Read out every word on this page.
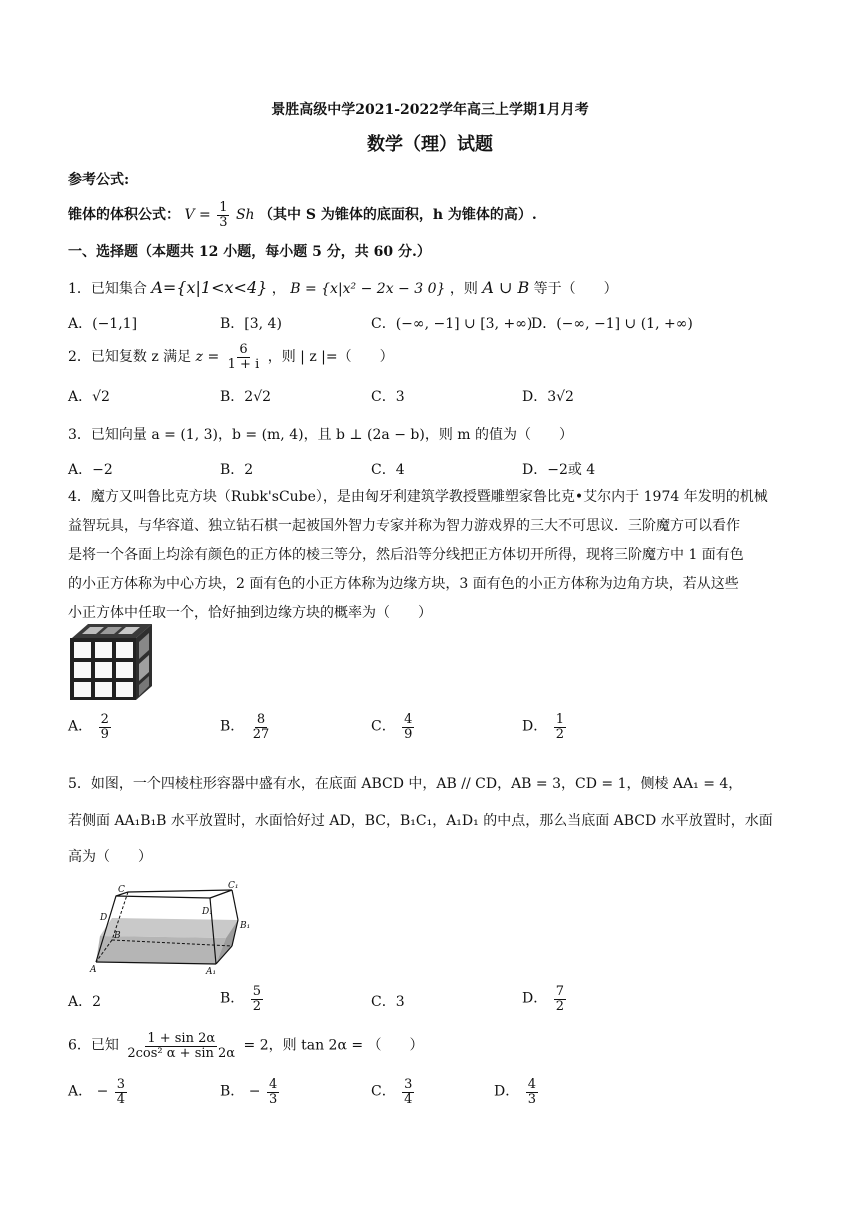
景胜高级中学2021-2022学年高三上学期1月月考
数学（理）试题
参考公式:
锥体的体积公式： $V = \frac{1}{3}$ Sh （其中 S 为锥体的底面积，h 为锥体的高）.
一、选择题（本题共 12 小题，每小题 5 分，共 60 分.）
1．已知集合 A={x|1<x<4} ， B = {x|x² − 2x − 3 0} ，则 A ∪ B 等于（　　）
A．(−1,1]	B．[3, 4)	C．(−∞, −1] ∪ [3, +∞)
D．(−∞, −1] ∪ (1, +∞)
2．已知复数 z 满足 $z = \frac{6}{1 + i}$ ，则 | z |=（　　）
A．√2	B．2√2	C．3	D．3√2
3．已知向量 a = (1, 3)，b = (m, 4)，且 b ⊥ (2a − b)，则 m 的值为（　　）
A．−2	B．2	C．4	D．−2或 4
4．魔方又叫鲁比克方块（Rubk'sCube），是由匈牙利建筑学教授暨雕塑家鲁比克•艾尔内于 1974 年发明的机械
益智玩具，与华容道、独立钻石棋一起被国外智力专家并称为智力游戏界的三大不可思议．三阶魔方可以看作
是将一个各面上均涂有颜色的正方体的棱三等分，然后沿等分线把正方体切开所得，现将三阶魔方中 1 面有色
的小正方体称为中心方块，2 面有色的小正方体称为边缘方块，3 面有色的小正方体称为边角方块，若从这些
小正方体中任取一个，恰好抽到边缘方块的概率为（　　）
A． $\frac{2}{9}$	B． $\frac{8}{27}$	C． $\frac{4}{9}$	D． $\frac{1}{2}$
5．如图，一个四棱柱形容器中盛有水，在底面 ABCD 中，AB // CD，AB = 3，CD = 1，侧棱 AA₁ = 4，
若侧面 AA₁B₁B 水平放置时，水面恰好过 AD，BC，B₁C₁，A₁D₁ 的中点，那么当底面 ABCD 水平放置时，水面
高为（　　）
C₁
C
D
D₁
B₁
B
A	A₁
A．2	B． $\frac{5}{2}$	C．3	D． $\frac{7}{2}$
6．已知 $\frac{1 + \sin 2\alpha}{\text{2cos² α + sin 2α}} = 2$，则 tan 2α = （　　）
A． − $\frac{3}{4}$	B． − $\frac{4}{3}$	C． $\frac{3}{4}$	D． $\frac{4}{3}$
